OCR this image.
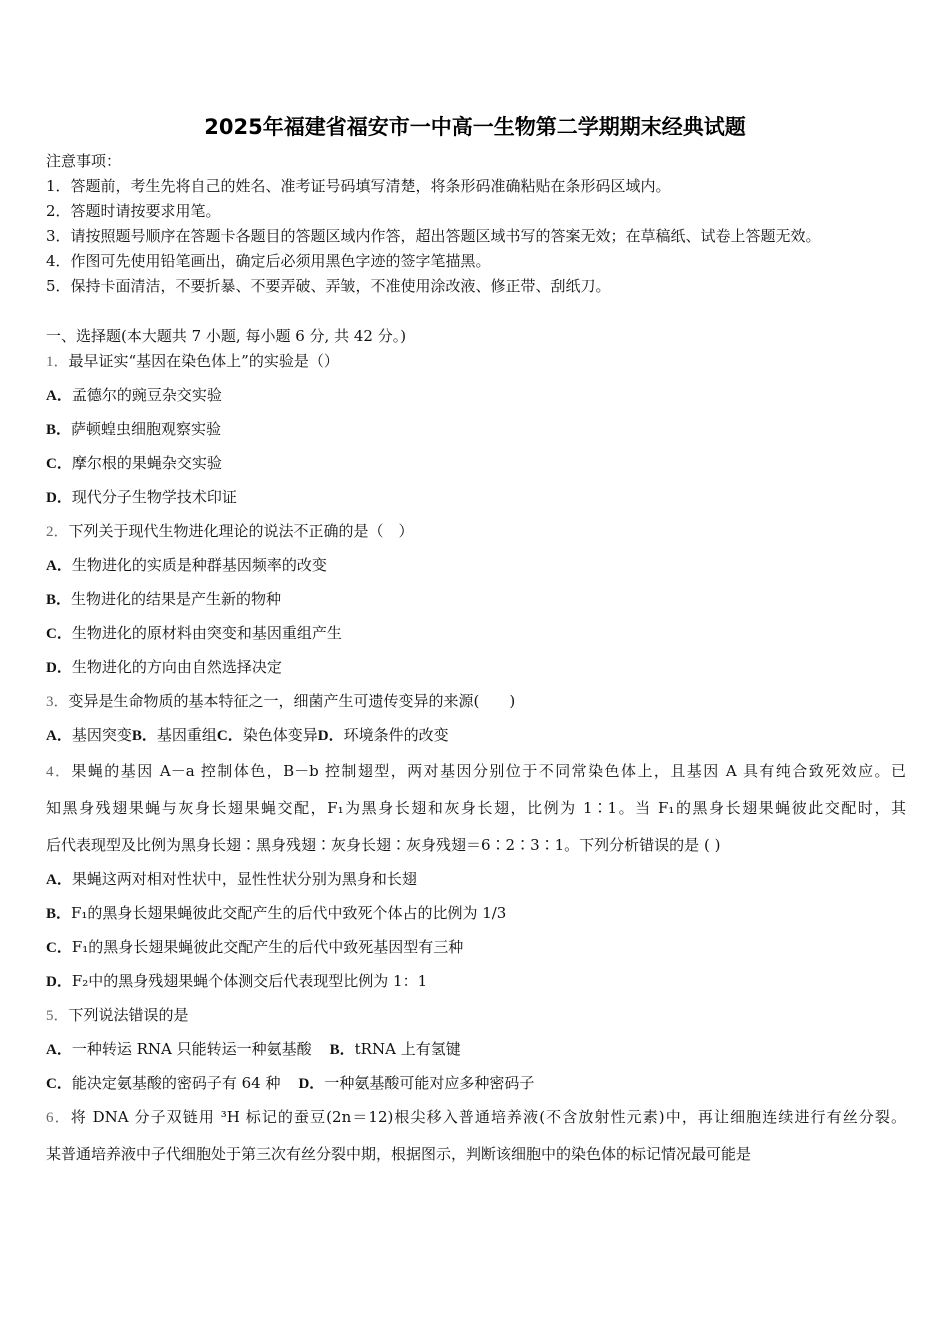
2025年福建省福安市一中高一生物第二学期期末经典试题
注意事项：
1．答题前，考生先将自己的姓名、准考证号码填写清楚，将条形码准确粘贴在条形码区域内。
2．答题时请按要求用笔。
3．请按照题号顺序在答题卡各题目的答题区域内作答，超出答题区域书写的答案无效；在草稿纸、试卷上答题无效。
4．作图可先使用铅笔画出，确定后必须用黑色字迹的签字笔描黑。
5．保持卡面清洁，不要折暴、不要弄破、弄皱，不准使用涂改液、修正带、刮纸刀。
一、选择题(本大题共 7 小题, 每小题 6 分, 共 42 分。)
1．最早证实“基因在染色体上”的实验是（）
A．孟德尔的豌豆杂交实验
B．萨顿蝗虫细胞观察实验
C．摩尔根的果蝇杂交实验
D．现代分子生物学技术印证
2．下列关于现代生物进化理论的说法不正确的是（　）
A．生物进化的实质是种群基因频率的改变
B．生物进化的结果是产生新的物种
C．生物进化的原材料由突变和基因重组产生
D．生物进化的方向由自然选择决定
3．变异是生命物质的基本特征之一，细菌产生可遗传变异的来源(　　)
A．基因突变B．基因重组C．染色体变异D．环境条件的改变
4．果蝇的基因 A－a 控制体色，B－b 控制翅型，两对基因分别位于不同常染色体上，且基因 A 具有纯合致死效应。已
知黑身残翅果蝇与灰身长翅果蝇交配，F₁为黑身长翅和灰身长翅，比例为 1∶1。当 F₁的黑身长翅果蝇彼此交配时，其
后代表现型及比例为黑身长翅∶黑身残翅∶灰身长翅∶灰身残翅＝6∶2∶3∶1。下列分析错误的是 ( )
A．果蝇这两对相对性状中，显性性状分别为黑身和长翅
B．F₁的黑身长翅果蝇彼此交配产生的后代中致死个体占的比例为 1/3
C．F₁的黑身长翅果蝇彼此交配产生的后代中致死基因型有三种
D．F₂中的黑身残翅果蝇个体测交后代表现型比例为 1：1
5．下列说法错误的是
A．一种转运 RNA 只能转运一种氨基酸 B．tRNA 上有氢键
C．能决定氨基酸的密码子有 64 种 D．一种氨基酸可能对应多种密码子
6．将 DNA 分子双链用 ³H 标记的蚕豆(2n＝12)根尖移入普通培养液(不含放射性元素)中，再让细胞连续进行有丝分裂。
某普通培养液中子代细胞处于第三次有丝分裂中期，根据图示，判断该细胞中的染色体的标记情况最可能是
